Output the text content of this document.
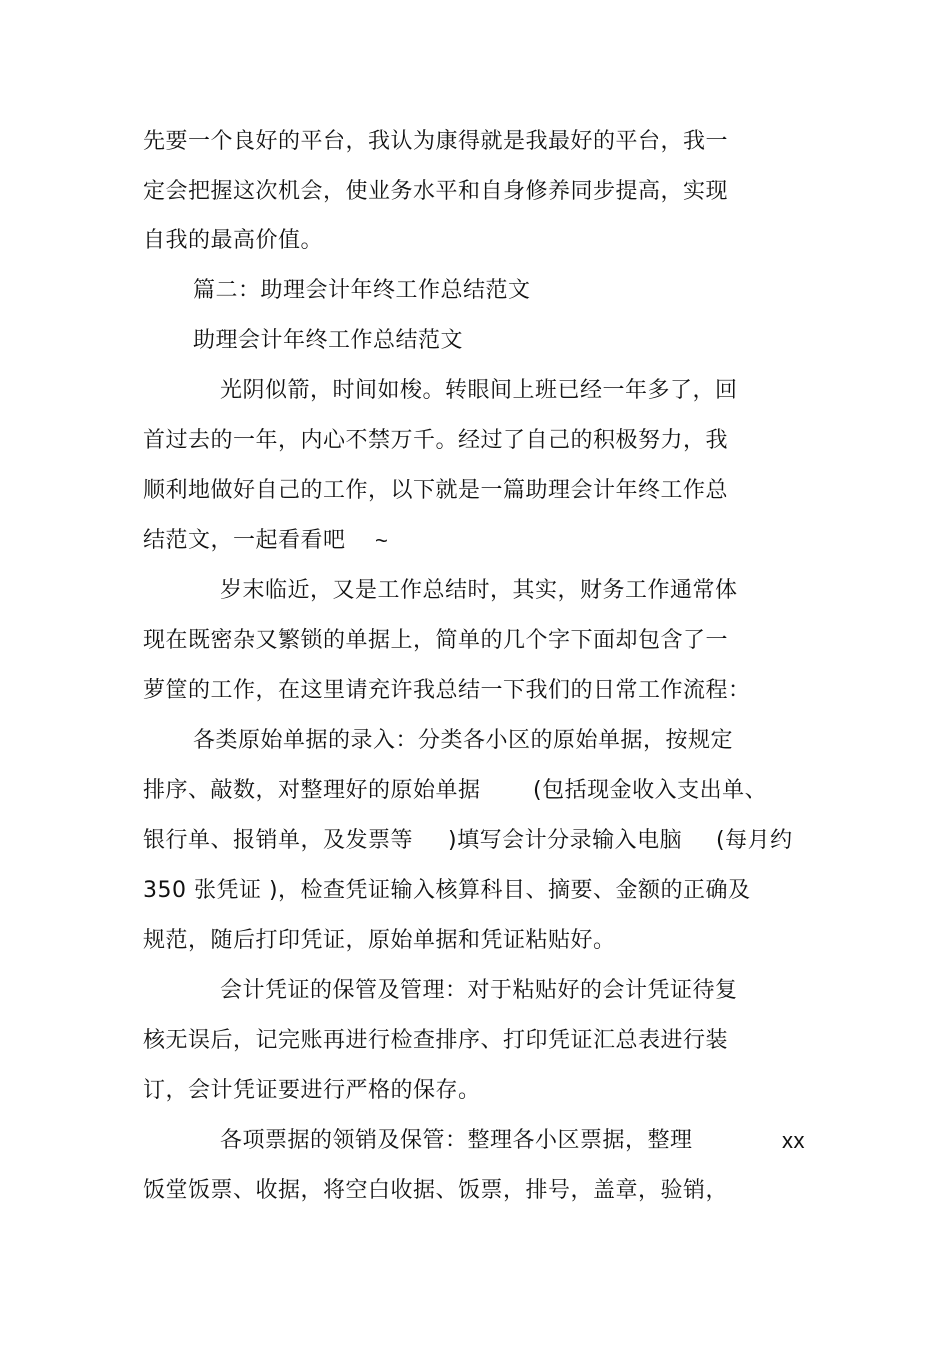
先要一个良好的平台，我认为康得就是我最好的平台，我一
定会把握这次机会，使业务水平和自身修养同步提高，实现
自我的最高价值。
篇二：助理会计年终工作总结范文
助理会计年终工作总结范文
光阴似箭，时间如梭。转眼间上班已经一年多了，回
首过去的一年，内心不禁万千。经过了自己的积极努力，我
顺利地做好自己的工作，以下就是一篇助理会计年终工作总
结范文，一起看看吧 ~
岁末临近，又是工作总结时，其实，财务工作通常体
现在既密杂又繁锁的单据上，简单的几个字下面却包含了一
萝筐的工作，在这里请充许我总结一下我们的日常工作流程：
各类原始单据的录入：分类各小区的原始单据，按规定
排序、敲数，对整理好的原始单据 (包括现金收入支出单、
银行单、报销单，及发票等 )填写会计分录输入电脑 (每月约
350 张凭证 )，检查凭证输入核算科目、摘要、金额的正确及
规范，随后打印凭证，原始单据和凭证粘贴好。
会计凭证的保管及管理：对于粘贴好的会计凭证待复
核无误后，记完账再进行检查排序、打印凭证汇总表进行装
订，会计凭证要进行严格的保存。
各项票据的领销及保管：整理各小区票据，整理	xx
饭堂饭票、收据，将空白收据、饭票，排号，盖章，验销，
